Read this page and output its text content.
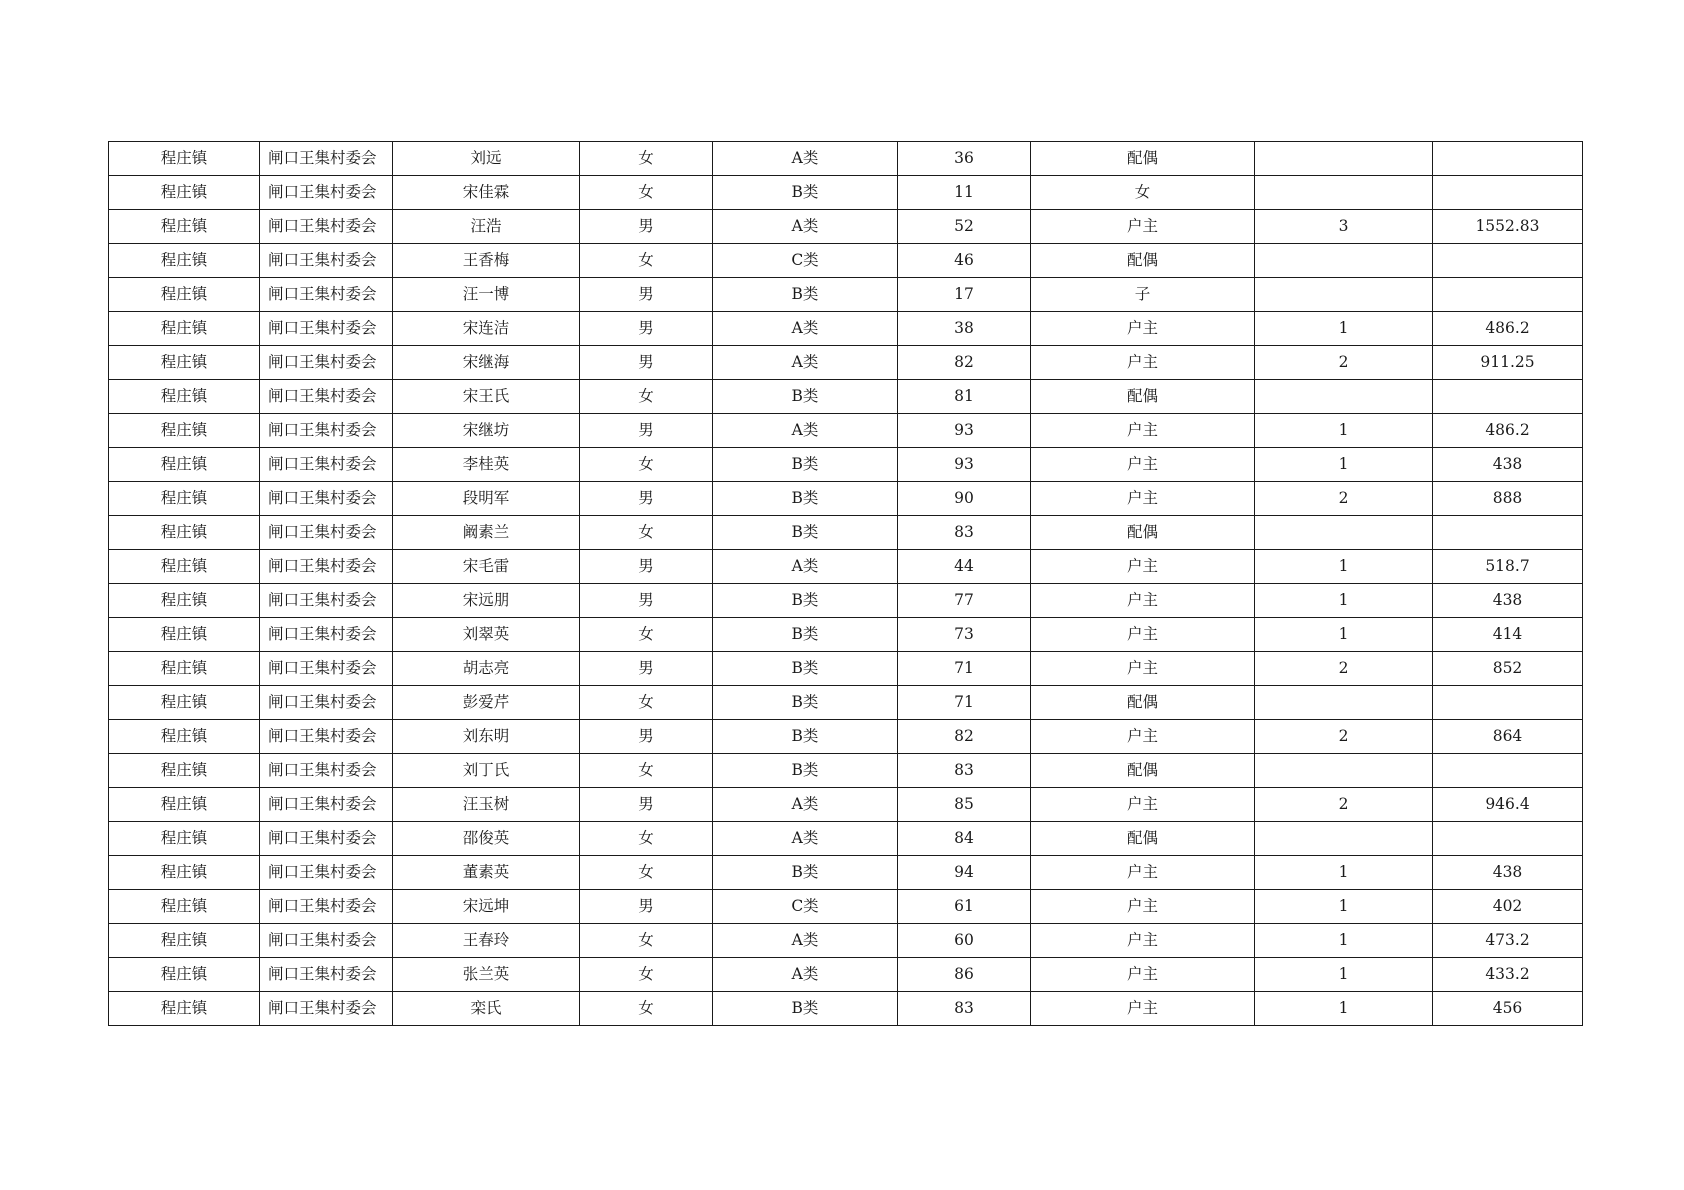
程庄镇	闸口王集村委会	刘远	女	A类	36	配偶		
程庄镇	闸口王集村委会	宋佳霖	女	B类	11	女		
程庄镇	闸口王集村委会	汪浩	男	A类	52	户主	3	1552.83
程庄镇	闸口王集村委会	王香梅	女	C类	46	配偶		
程庄镇	闸口王集村委会	汪一博	男	B类	17	子		
程庄镇	闸口王集村委会	宋连洁	男	A类	38	户主	1	486.2
程庄镇	闸口王集村委会	宋继海	男	A类	82	户主	2	911.25
程庄镇	闸口王集村委会	宋王氏	女	B类	81	配偶		
程庄镇	闸口王集村委会	宋继坊	男	A类	93	户主	1	486.2
程庄镇	闸口王集村委会	李桂英	女	B类	93	户主	1	438
程庄镇	闸口王集村委会	段明军	男	B类	90	户主	2	888
程庄镇	闸口王集村委会	阚素兰	女	B类	83	配偶		
程庄镇	闸口王集村委会	宋毛雷	男	A类	44	户主	1	518.7
程庄镇	闸口王集村委会	宋远朋	男	B类	77	户主	1	438
程庄镇	闸口王集村委会	刘翠英	女	B类	73	户主	1	414
程庄镇	闸口王集村委会	胡志亮	男	B类	71	户主	2	852
程庄镇	闸口王集村委会	彭爱芹	女	B类	71	配偶		
程庄镇	闸口王集村委会	刘东明	男	B类	82	户主	2	864
程庄镇	闸口王集村委会	刘丁氏	女	B类	83	配偶		
程庄镇	闸口王集村委会	汪玉树	男	A类	85	户主	2	946.4
程庄镇	闸口王集村委会	邵俊英	女	A类	84	配偶		
程庄镇	闸口王集村委会	董素英	女	B类	94	户主	1	438
程庄镇	闸口王集村委会	宋远坤	男	C类	61	户主	1	402
程庄镇	闸口王集村委会	王春玲	女	A类	60	户主	1	473.2
程庄镇	闸口王集村委会	张兰英	女	A类	86	户主	1	433.2
程庄镇	闸口王集村委会	栾氏	女	B类	83	户主	1	456
